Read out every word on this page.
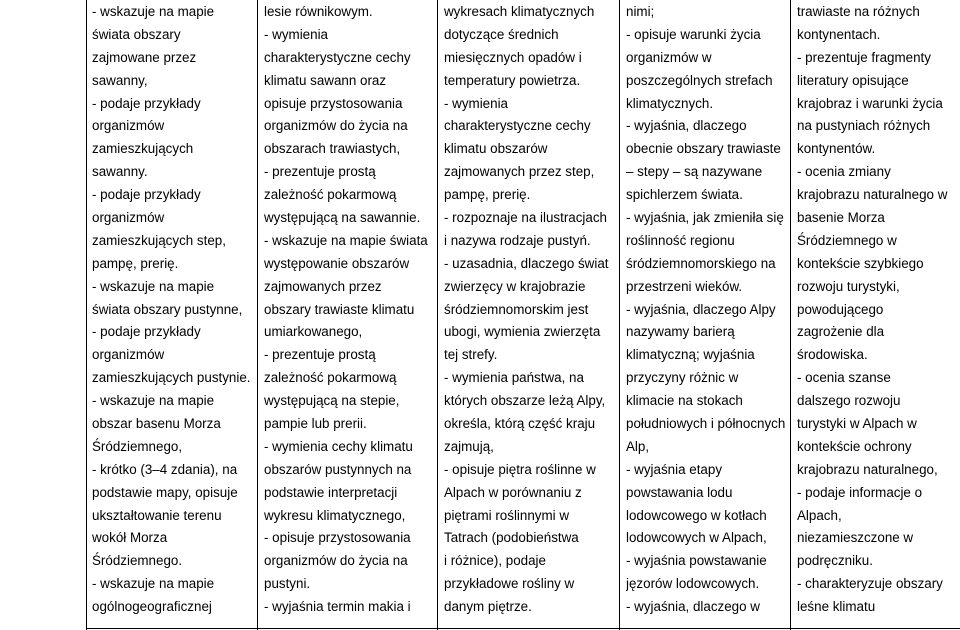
- wskazuje na mapie
świata obszary
zajmowane przez
sawanny,
- podaje przykłady
organizmów
zamieszkujących
sawanny.
- podaje przykłady
organizmów
zamieszkujących step,
pampę, prerię.
- wskazuje na mapie
świata obszary pustynne,
- podaje przykłady
organizmów
zamieszkujących pustynie.
- wskazuje na mapie
obszar basenu Morza
Śródziemnego,
- krótko (3–4 zdania), na
podstawie mapy, opisuje
ukształtowanie terenu
wokół Morza
Śródziemnego.
- wskazuje na mapie
ogólnogeograficznej
lesie równikowym.
- wymienia
charakterystyczne cechy
klimatu sawann oraz
opisuje przystosowania
organizmów do życia na
obszarach trawiastych,
- prezentuje prostą
zależność pokarmową
występującą na sawannie.
- wskazuje na mapie świata
występowanie obszarów
zajmowanych przez
obszary trawiaste klimatu
umiarkowanego,
- prezentuje prostą
zależność pokarmową
występującą na stepie,
pampie lub prerii.
- wymienia cechy klimatu
obszarów pustynnych na
podstawie interpretacji
wykresu klimatycznego,
- opisuje przystosowania
organizmów do życia na
pustyni.
- wyjaśnia termin makia i
wykresach klimatycznych
dotyczące średnich
miesięcznych opadów i
temperatury powietrza.
- wymienia
charakterystyczne cechy
klimatu obszarów
zajmowanych przez step,
pampę, prerię.
- rozpoznaje na ilustracjach
i nazywa rodzaje pustyń.
- uzasadnia, dlaczego świat
zwierzęcy w krajobrazie
śródziemnomorskim jest
ubogi, wymienia zwierzęta
tej strefy.
- wymienia państwa, na
których obszarze leżą Alpy,
określa, którą część kraju
zajmują,
- opisuje piętra roślinne w
Alpach w porównaniu z
piętrami roślinnymi w
Tatrach (podobieństwa
i różnice), podaje
przykładowe rośliny w
danym piętrze.
nimi;
- opisuje warunki życia
organizmów w
poszczególnych strefach
klimatycznych.
- wyjaśnia, dlaczego
obecnie obszary trawiaste
– stepy – są nazywane
spichlerzem świata.
- wyjaśnia, jak zmieniła się
roślinność regionu
śródziemnomorskiego na
przestrzeni wieków.
- wyjaśnia, dlaczego Alpy
nazywamy barierą
klimatyczną; wyjaśnia
przyczyny różnic w
klimacie na stokach
południowych i północnych
Alp,
- wyjaśnia etapy
powstawania lodu
lodowcowego w kotłach
lodowcowych w Alpach,
- wyjaśnia powstawanie
jęzorów lodowcowych.
- wyjaśnia, dlaczego w
trawiaste na różnych
kontynentach.
- prezentuje fragmenty
literatury opisujące
krajobraz i warunki życia
na pustyniach różnych
kontynentów.
- ocenia zmiany
krajobrazu naturalnego w
basenie Morza
Śródziemnego w
kontekście szybkiego
rozwoju turystyki,
powodującego
zagrożenie dla
środowiska.
- ocenia szanse
dalszego rozwoju
turystyki w Alpach w
kontekście ochrony
krajobrazu naturalnego,
- podaje informacje o
Alpach,
niezamieszczone w
podręczniku.
- charakteryzuje obszary
leśne klimatu
